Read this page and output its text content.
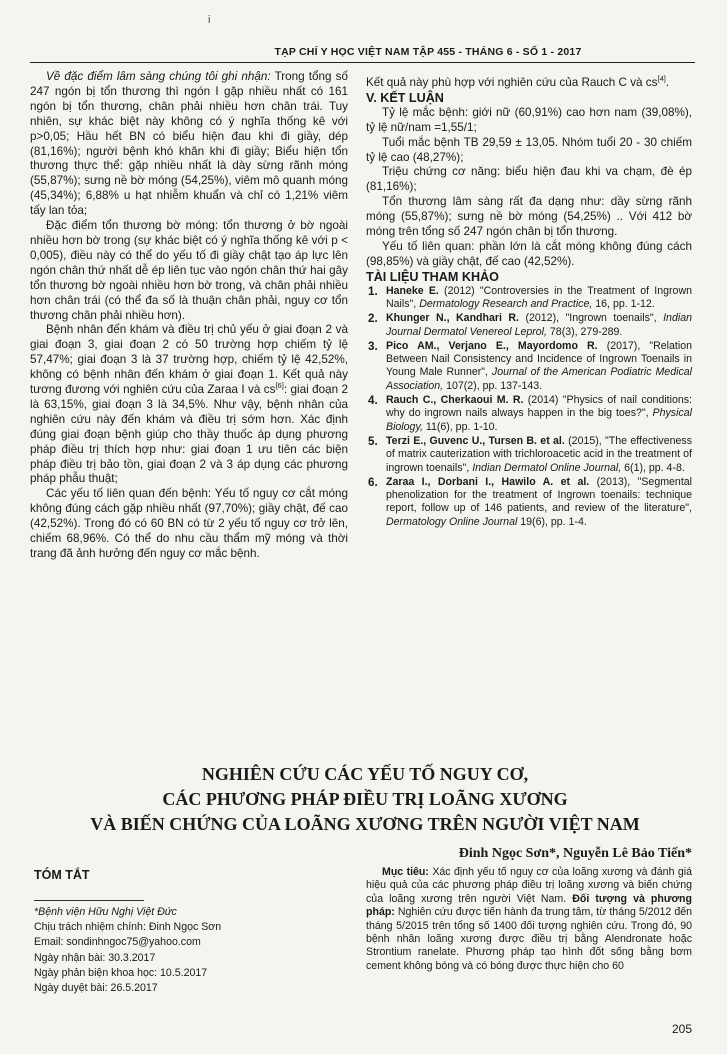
i
TẠP CHÍ Y HỌC VIỆT NAM TẬP 455 - THÁNG 6 - SỐ 1 - 2017

Về đặc điểm lâm sàng chúng tôi ghi nhận: Trong tổng số 247 ngón bị tổn thương thì ngón I gặp nhiều nhất có 161 ngón bị tổn thương, chân phải nhiều hơn chân trái. Tuy nhiên, sự khác biệt này không có ý nghĩa thống kê với p>0,05; Hầu hết BN có biểu hiện đau khi đi giầy, dép (81,16%); người bệnh khó khăn khi đi giầy; Biểu hiện tổn thương thực thể: gặp nhiều nhất là dày sừng rãnh móng (55,87%); sưng nề bờ móng (54,25%), viêm mô quanh móng (45,34%); 6,88% u hạt nhiễm khuẩn và chỉ có 1,21% viêm tấy lan tỏa;

Đặc điểm tổn thương bờ móng: tổn thương ở bờ ngoài nhiều hơn bờ trong (sự khác biệt có ý nghĩa thống kê với p < 0,005), điều này có thể do yếu tố đi giầy chật tạo áp lực lên ngón chân thứ nhất dễ ép liên tục vào ngón chân thứ hai gây tổn thương bờ ngoài nhiều hơn bờ trong, và chân phải nhiều hơn chân trái (có thể đa số là thuận chân phải, nguy cơ tổn thương chân phải nhiều hơn).

Bệnh nhân đến khám và điều trị chủ yếu ở giai đoạn 2 và giai đoạn 3, giai đoạn 2 có 50 trường hợp chiếm tỷ lệ 57,47%; giai đoạn 3 là 37 trường hợp, chiếm tỷ lệ 42,52%, không có bệnh nhân đến khám ở giai đoạn 1. Kết quả này tương đương với nghiên cứu của Zaraa I và cs[6]: giai đoạn 2 là 63,15%, giai đoạn 3 là 34,5%. Như vậy, bệnh nhân của nghiên cứu này đến khám và điều trị sớm hơn. Xác định đúng giai đoạn bệnh giúp cho thầy thuốc áp dụng phương pháp điều trị thích hợp như: giai đoạn 1 ưu tiên các biện pháp điều trị bảo tồn, giai đoạn 2 và 3 áp dụng các phương pháp phẫu thuật;

Các yếu tố liên quan đến bệnh: Yếu tố nguy cơ cắt móng không đúng cách gặp nhiều nhất (97,70%); giầy chật, đế cao (42,52%). Trong đó có 60 BN có từ 2 yếu tố nguy cơ trở lên, chiếm 68,96%. Có thể do nhu cầu thẩm mỹ móng và thời trang đã ảnh hưởng đến nguy cơ mắc bệnh.

Kết quả này phù hợp với nghiên cứu của Rauch C và cs[4].

V. KẾT LUẬN

Tỷ lệ mắc bệnh: giới nữ (60,91%) cao hơn nam (39,08%), tỷ lệ nữ/nam =1,55/1;

Tuổi mắc bệnh TB 29,59 ± 13,05. Nhóm tuổi 20 - 30 chiếm tỷ lệ cao (48,27%);

Triệu chứng cơ năng: biểu hiện đau khi va chạm, đè ép (81,16%);

Tổn thương lâm sàng rất đa dạng như: dầy sừng rãnh móng (55,87%); sưng nề bờ móng (54,25%) .. Với 412 bờ móng trên tổng số 247 ngón chân bị tổn thương.

Yếu tố liên quan: phần lớn là cắt móng không đúng cách (98,85%) và giầy chật, đế cao (42,52%).

TÀI LIỆU THAM KHẢO

1. Haneke E. (2012) "Controversies in the Treatment of Ingrown Nails", Dermatology Research and Practice, 16, pp. 1-12.
2. Khunger N., Kandhari R. (2012), "Ingrown toenails", Indian Journal Dermatol Venereol Leprol, 78(3), 279-289.
3. Pico AM., Verjano E., Mayordomo R. (2017), "Relation Between Nail Consistency and Incidence of Ingrown Toenails in Young Male Runner", Journal of the American Podiatric Medical Association, 107(2), pp. 137-143.
4. Rauch C., Cherkaoui M. R. (2014) "Physics of nail conditions: why do ingrown nails always happen in the big toes?", Physical Biology, 11(6), pp. 1-10.
5. Terzi E., Guvenc U., Tursen B. et al. (2015), "The effectiveness of matrix cauterization with trichloroacetic acid in the treatment of ingrown toenails", Indian Dermatol Online Journal, 6(1), pp. 4-8.
6. Zaraa I., Dorbani I., Hawilo A. et al. (2013), "Segmental phenolization for the treatment of Ingrown toenails: technique report, follow up of 146 patients, and review of the literature", Dermatology Online Journal 19(6), pp. 1-4.
NGHIÊN CỨU CÁC YẾU TỐ NGUY CƠ,
CÁC PHƯƠNG PHÁP ĐIỀU TRỊ LOÃNG XƯƠNG
VÀ BIẾN CHỨNG CỦA LOÃNG XƯƠNG TRÊN NGƯỜI VIỆT NAM
Đinh Ngọc Sơn*, Nguyễn Lê Bảo Tiến*
TÓM TẮT
*Bệnh viện Hữu Nghị Việt Đức
Chịu trách nhiệm chính: Đinh Ngọc Sơn
Email: sondinhngoc75@yahoo.com
Ngày nhận bài: 30.3.2017
Ngày phản biện khoa học: 10.5.2017
Ngày duyệt bài: 26.5.2017

Mục tiêu: Xác định yếu tố nguy cơ của loãng xương và đánh giá hiệu quả của các phương pháp điều trị loãng xương và biến chứng của loãng xương trên người Việt Nam. Đối tượng và phương pháp: Nghiên cứu được tiến hành đa trung tâm, từ tháng 5/2012 đến tháng 5/2015 trên tổng số 1400 đối tượng nghiên cứu. Trong đó, 90 bệnh nhân loãng xương được điều trị bằng Alendronate hoặc Strontium ranelate. Phương pháp tạo hình đốt sống bằng bơm cement không bóng và có bóng được thực hiện cho 60

205
